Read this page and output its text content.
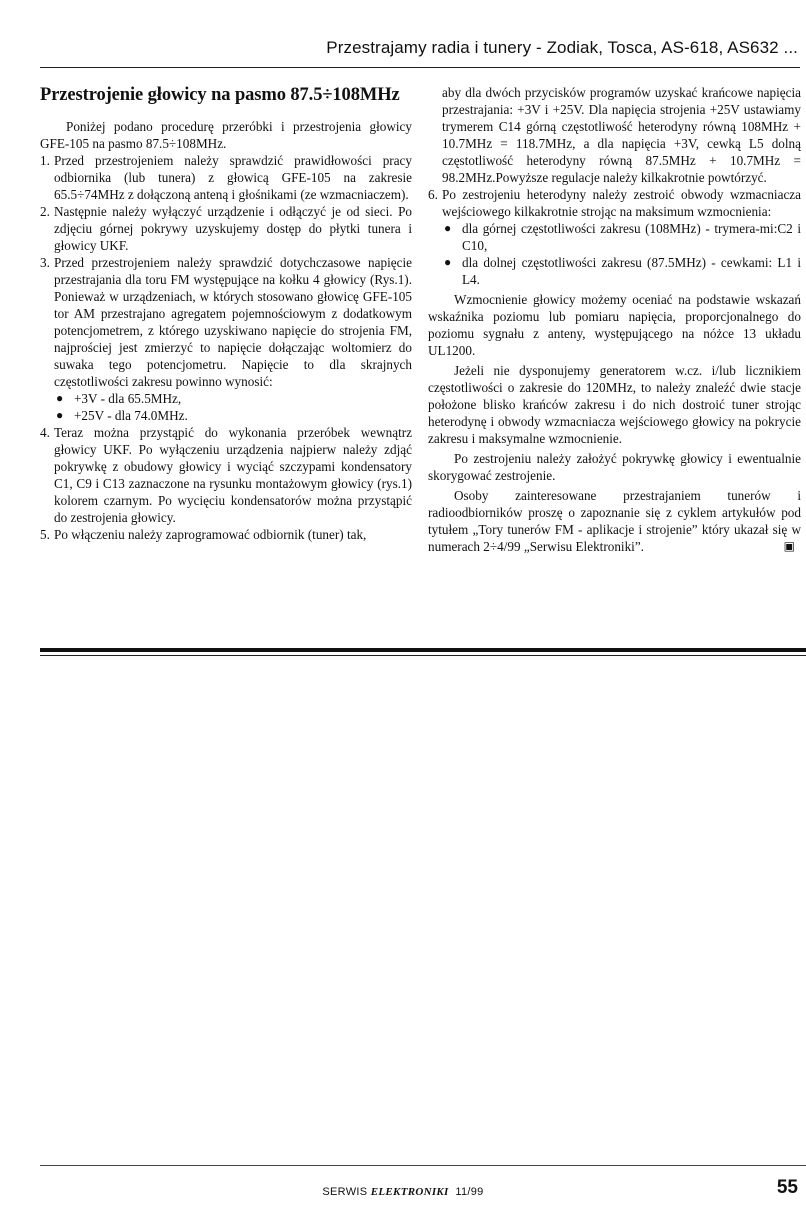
Przestrajamy radia i tunery - Zodiak, Tosca, AS-618, AS632 ...
Przestrojenie głowicy na pasmo 87.5÷108MHz

Poniżej podano procedurę przeróbki i przestrojenia głowicy GFE-105 na pasmo 87.5÷108MHz.

1. Przed przestrojeniem należy sprawdzić prawidłowości pracy odbiornika (lub tunera) z głowicą GFE-105 na zakresie 65.5÷74MHz z dołączoną anteną i głośnikami (ze wzmacniaczem).
2. Następnie należy wyłączyć urządzenie i odłączyć je od sieci. Po zdjęciu górnej pokrywy uzyskujemy dostęp do płytki tunera i głowicy UKF.
3. Przed przestrojeniem należy sprawdzić dotychczasowe napięcie przestrajania dla toru FM występujące na kołku 4 głowicy (Rys.1). Ponieważ w urządzeniach, w których stosowano głowicę GFE-105 tor AM przestrajano agregatem pojemnościowym z dodatkowym potencjometrem, z którego uzyskiwano napięcie do strojenia FM, najprościej jest zmierzyć to napięcie dołączając woltomierz do suwaka tego potencjometru. Napięcie to dla skrajnych częstotliwości zakresu powinno wynosić:
● +3V - dla 65.5MHz,
● +25V - dla 74.0MHz.
4. Teraz można przystąpić do wykonania przeróbek wewnątrz głowicy UKF. Po wyłączeniu urządzenia najpierw należy zdjąć pokrywkę z obudowy głowicy i wyciąć szczypami kondensatory C1, C9 i C13 zaznaczone na rysunku montażowym głowicy (rys.1) kolorem czarnym. Po wycięciu kondensatorów można przystąpić do zestrojenia głowicy.
5. Po włączeniu należy zaprogramować odbiornik (tuner) tak,
aby dla dwóch przycisków programów uzyskać krańcowe napięcia przestrajania: +3V i +25V. Dla napięcia strojenia +25V ustawiamy trymerem C14 górną częstotliwość heterodyny równą 108MHz + 10.7MHz = 118.7MHz, a dla napięcia +3V, cewką L5 dolną częstotliwość heterodyny równą 87.5MHz + 10.7MHz = 98.2MHz.Powyższe regulacje należy kilkakrotnie powtórzyć.
6. Po zestrojeniu heterodyny należy zestroić obwody wzmacniacza wejściowego kilkakrotnie strojąc na maksimum wzmocnienia:
● dla górnej częstotliwości zakresu (108MHz) - trymera-mi:C2 i C10,
● dla dolnej częstotliwości zakresu (87.5MHz) - cewkami: L1 i L4.

Wzmocnienie głowicy możemy oceniać na podstawie wskazań wskaźnika poziomu lub pomiaru napięcia, proporcjonalnego do poziomu sygnału z anteny, występującego na nóżce 13 układu UL1200.

Jeżeli nie dysponujemy generatorem w.cz. i/lub licznikiem częstotliwości o zakresie do 120MHz, to należy znaleźć dwie stacje położone blisko krańców zakresu i do nich dostroić tuner strojąc heterodynę i obwody wzmacniacza wejściowego głowicy na pokrycie zakresu i maksymalne wzmocnienie.

Po zestrojeniu należy założyć pokrywkę głowicy i ewentualnie skorygować zestrojenie.

Osoby zainteresowane przestrajaniem tunerów i radioodbiorników proszę o zapoznanie się z cyklem artykułów pod tytułem „Tory tunerów FM - aplikacje i strojenie” który ukazał się w numerach 2÷4/99 „Serwisu Elektroniki”.	▣

SERWIS ELEKTRONIKI 11/99	55
